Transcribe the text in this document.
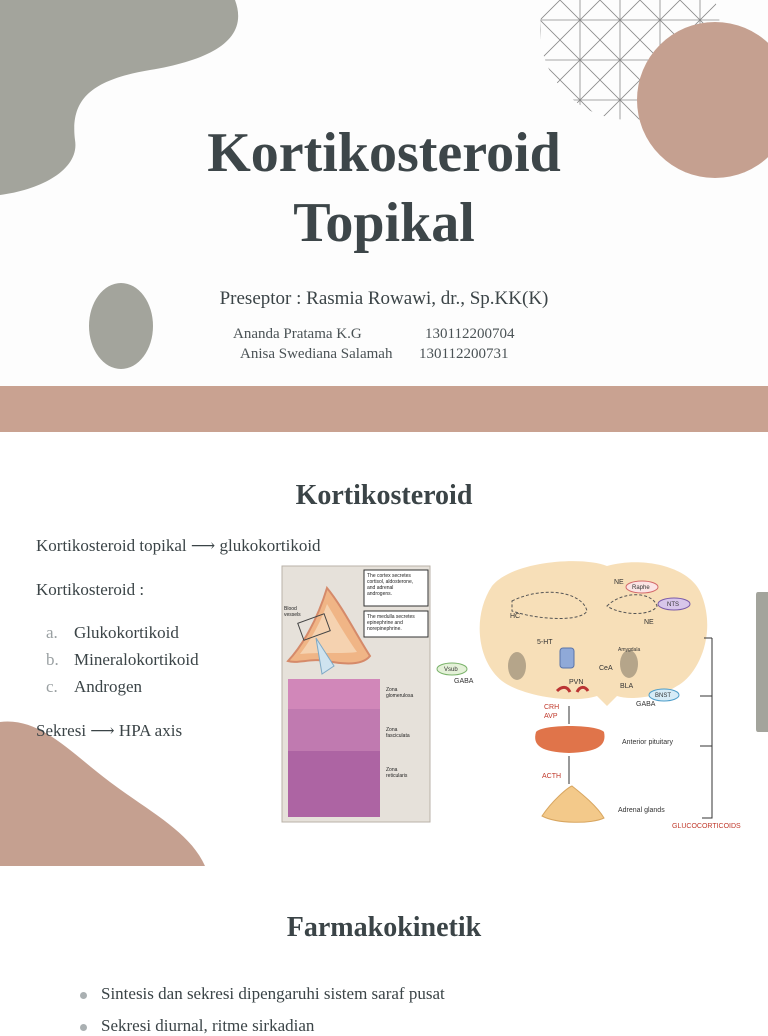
Kortikosteroid
Topikal
Preseptor : Rasmia Rowawi, dr., Sp.KK(K)
Ananda Pratama K.G	130112200704
Anisa Swediana Salamah 130112200731
Kortikosteroid
Kortikosteroid topikal ⟶ glukokortikoid
Kortikosteroid :
a. Glukokortikoid
b. Mineralokortikoid
c. Androgen
Sekresi ⟶ HPA axis
The cortex secretes cortisol, aldosterone, and adrenal androgens.
The medulla secretes epinephrine and norepinephrine.
Blood vessels
Zona glomerulosa
Zona fasciculata
Zona reticularis
NE
HC
5-HT
NE
Amygdala
PVN
CeA
BLA
GABA
GABA
Raphe
NTS
Vsub
BNST
CRH
AVP
Anterior pituitary
ACTH
Adrenal glands
GLUCOCORTICOIDS
Farmakokinetik
Sintesis dan sekresi dipengaruhi sistem saraf pusat
Sekresi diurnal, ritme sirkadian
